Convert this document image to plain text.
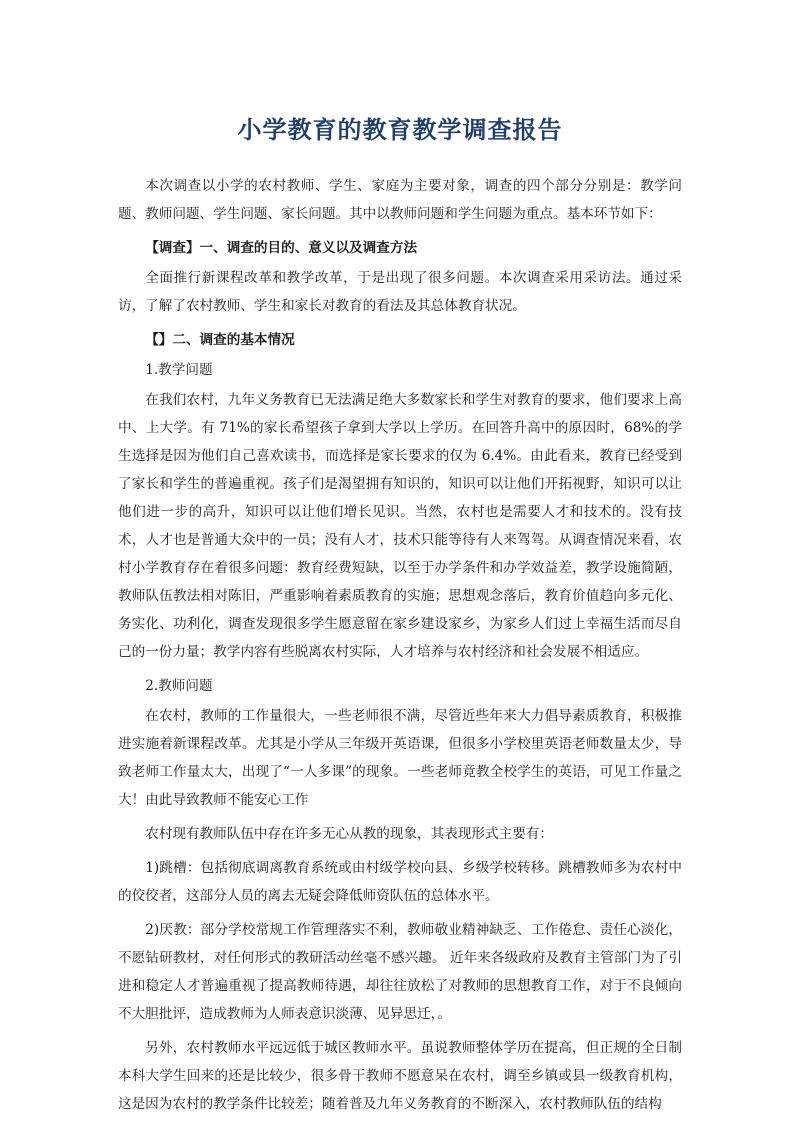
小学教育的教育教学调查报告

本次调查以小学的农村教师、学生、家庭为主要对象，调查的四个部分分别是：教学问题、教师问题、学生问题、家长问题。其中以教师问题和学生问题为重点。基本环节如下：

【调查】一、调查的目的、意义以及调查方法

全面推行新课程改革和教学改革，于是出现了很多问题。本次调查采用采访法。通过采访，了解了农村教师、学生和家长对教育的看法及其总体教育状况。

【】二、调查的基本情况
1.教学问题

在我们农村，九年义务教育已无法满足绝大多数家长和学生对教育的要求，他们要求上高中、上大学。有 71%的家长希望孩子拿到大学以上学历。在回答升高中的原因时，68%的学生选择是因为他们自己喜欢读书，而选择是家长要求的仅为 6.4%。由此看来，教育已经受到了家长和学生的普遍重视。孩子们是渴望拥有知识的，知识可以让他们开拓视野，知识可以让他们进一步的高升，知识可以让他们增长见识。当然，农村也是需要人才和技术的。没有技术，人才也是普通大众中的一员；没有人才，技术只能等待有人来驾驾。从调查情况来看，农村小学教育存在着很多问题：教育经费短缺，以至于办学条件和办学效益差，教学设施简陋，教师队伍教法相对陈旧，严重影响着素质教育的实施；思想观念落后，教育价值趋向多元化、务实化、功利化，调查发现很多学生愿意留在家乡建设家乡，为家乡人们过上幸福生活而尽自己的一份力量；教学内容有些脱离农村实际，人才培养与农村经济和社会发展不相适应。

2.教师问题

在农村，教师的工作量很大，一些老师很不满，尽管近些年来大力倡导素质教育，积极推进实施着新课程改革。尤其是小学从三年级开英语课，但很多小学校里英语老师数量太少，导致老师工作量太大，出现了“一人多课”的现象。一些老师竟教全校学生的英语，可见工作量之大！由此导致教师不能安心工作

农村现有教师队伍中存在许多无心从教的现象，其表现形式主要有：

1)跳槽：包括彻底调离教育系统或由村级学校向县、乡级学校转移。跳槽教师多为农村中的佼佼者，这部分人员的离去无疑会降低师资队伍的总体水平。

2)厌教：部分学校常规工作管理落实不利，教师敬业精神缺乏、工作倦怠、责任心淡化，不愿钻研教材，对任何形式的教研活动丝毫不感兴趣。 近年来各级政府及教育主管部门为了引进和稳定人才普遍重视了提高教师待遇，却往往放松了对教师的思想教育工作，对于不良倾向不大胆批评，造成教师为人师表意识淡薄、见异思迁，。

另外，农村教师水平远远低于城区教师水平。虽说教师整体学历在提高，但正规的全日制本科大学生回来的还是比较少，很多骨干教师不愿意呆在农村，调至乡镇或县一级教育机构，这是因为农村的教学条件比较差；随着普及九年义务教育的不断深入，农村教师队伍的结构
